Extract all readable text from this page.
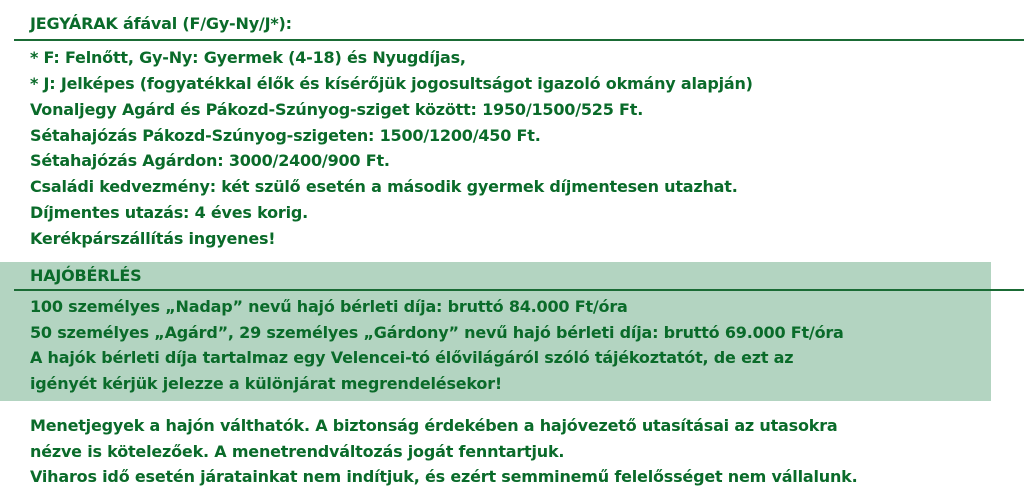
JEGYÁRAK áfával (F/Gy-Ny/J*):
* F: Felnőtt, Gy-Ny: Gyermek (4-18) és Nyugdíjas,
* J: Jelképes (fogyatékkal élők és kísérőjük jogosultságot igazoló okmány alapján)
Vonaljegy Agárd és Pákozd-Szúnyog-sziget között: 1950/1500/525 Ft.
Sétahajózás Pákozd-Szúnyog-szigeten: 1500/1200/450 Ft.
Sétahajózás Agárdon: 3000/2400/900 Ft.
Családi kedvezmény: két szülő esetén a második gyermek díjmentesen utazhat.
Díjmentes utazás: 4 éves korig.
Kerékpárszállítás ingyenes!
HAJÓBÉRLÉS
100 személyes „Nadap” nevű hajó bérleti díja: bruttó 84.000 Ft/óra
50 személyes „Agárd”, 29 személyes „Gárdony” nevű hajó bérleti díja: bruttó 69.000 Ft/óra
A hajók bérleti díja tartalmaz egy Velencei-tó élővilágáról szóló tájékoztatót, de ezt az
igényét kérjük jelezze a különjárat megrendelésekor!
Menetjegyek a hajón válthatók. A biztonság érdekében a hajóvezető utasításai az utasokra
nézve is kötelezőek. A menetrendváltozás jogát fenntartjuk.
Viharos idő esetén járatainkat nem indítjuk, és ezért semminemű felelősséget nem vállalunk.
